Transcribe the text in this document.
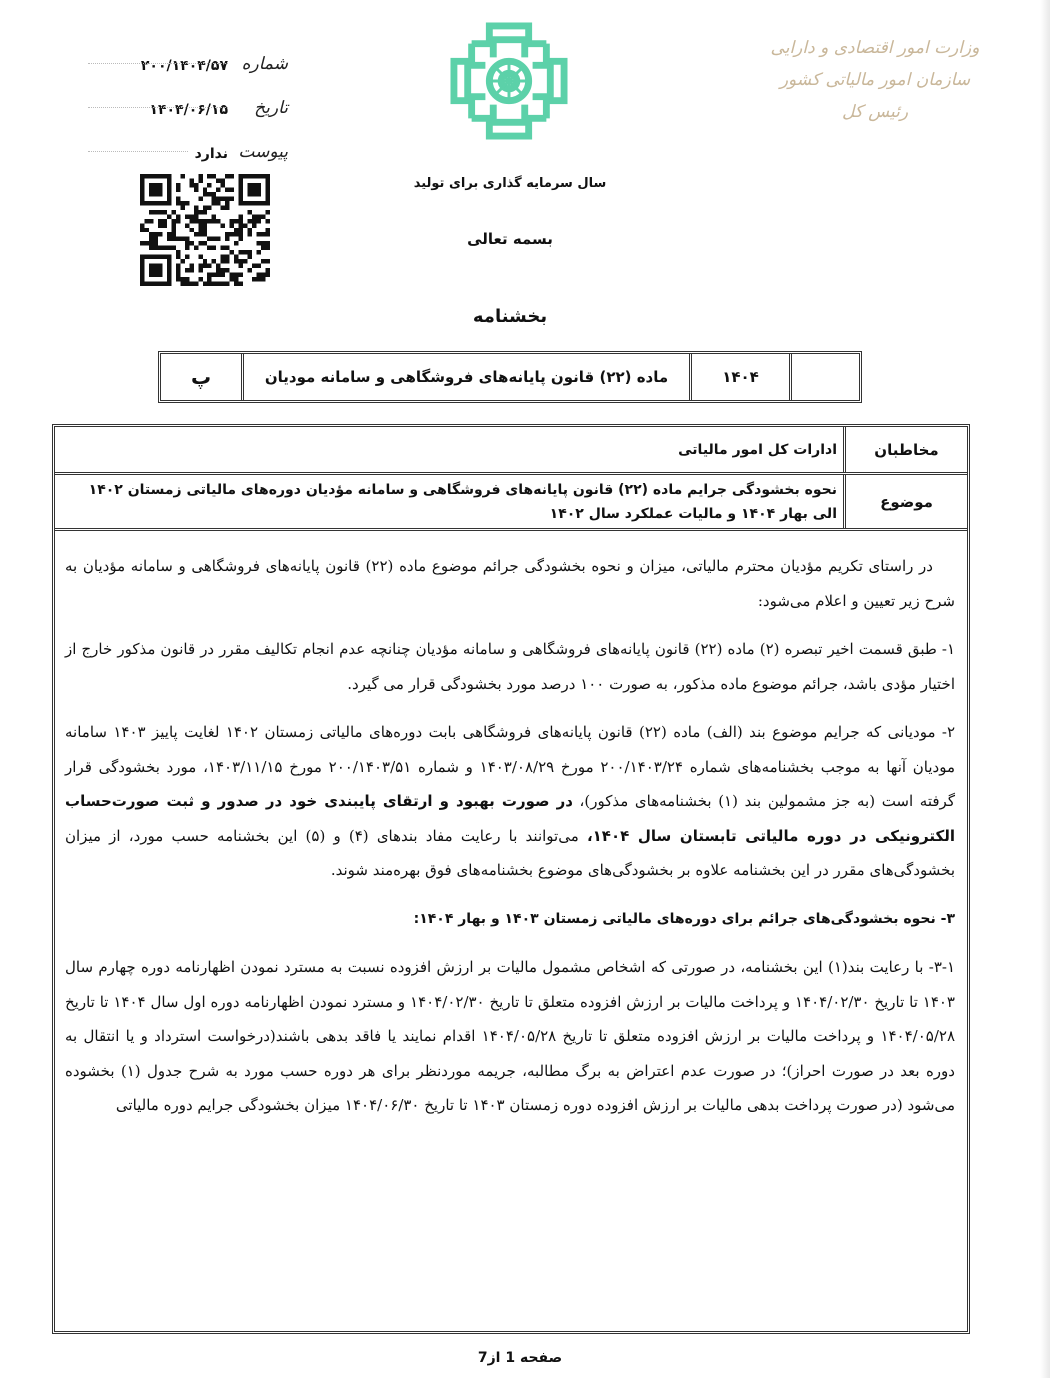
شماره
۲۰۰/۱۴۰۴/۵۷
تاریخ
۱۴۰۴/۰۶/۱۵
پیوست
ندارد
وزارت امور اقتصادی و دارایی
سازمان امور مالیاتی کشور
رئیس کل
سال سرمایه گذاری برای تولید
بسمه تعالی
بخشنامه
۱۴۰۴
ماده (۲۲) قانون پایانه‌های فروشگاهی و سامانه مودیان
پ
مخاطبان
ادارات کل امور مالیاتی
موضوع
نحوه بخشودگی جرایم ماده (۲۲) قانون پایانه‌های فروشگاهی و سامانه مؤدیان دوره‌های مالیاتی زمستان ۱۴۰۲ الی بهار ۱۴۰۴ و مالیات عملکرد سال ۱۴۰۲

در راستای تکریم مؤدیان محترم مالیاتی، میزان و نحوه بخشودگی جرائم موضوع ماده (۲۲) قانون پایانه‌های فروشگاهی و سامانه مؤدیان به شرح زیر تعیین و اعلام می‌شود:

۱- طبق قسمت اخیر تبصره (۲) ماده (۲۲) قانون پایانه‌های فروشگاهی و سامانه مؤدیان چنانچه عدم انجام تکالیف مقرر در قانون مذکور خارج از اختیار مؤدی باشد، جرائم موضوع ماده مذکور، به صورت ۱۰۰ درصد مورد بخشودگی قرار می گیرد.

۲- مودیانی که جرایم موضوع بند (الف) ماده (۲۲) قانون پایانه‌های فروشگاهی بابت دوره‌های مالیاتی زمستان ۱۴۰۲ لغایت پاییز ۱۴۰۳ سامانه مودیان آنها به موجب بخشنامه‌های شماره ۲۰۰/۱۴۰۳/۲۴ مورخ ۱۴۰۳/۰۸/۲۹ و شماره ۲۰۰/۱۴۰۳/۵۱ مورخ ۱۴۰۳/۱۱/۱۵، مورد بخشودگی قرار گرفته است (به جز مشمولین بند (۱) بخشنامه‌های مذکور)، در صورت بهبود و ارتقای پایبندی خود در صدور و ثبت صورت‌حساب الکترونیکی در دوره مالیاتی تابستان سال ۱۴۰۴، می‌توانند با رعایت مفاد بندهای (۴) و (۵) این بخشنامه حسب مورد، از میزان بخشودگی‌های مقرر در این بخشنامه علاوه بر بخشودگی‌های موضوع بخشنامه‌های فوق بهره‌مند شوند.

۳- نحوه بخشودگی‌های جرائم برای دوره‌های مالیاتی زمستان ۱۴۰۳ و بهار ۱۴۰۴:

۳-۱- با رعایت بند(۱) این بخشنامه، در صورتی که اشخاص مشمول مالیات بر ارزش افزوده نسبت به مسترد نمودن اظهارنامه دوره چهارم سال ۱۴۰۳ تا تاریخ ۱۴۰۴/۰۲/۳۰ و پرداخت مالیات بر ارزش افزوده متعلق تا تاریخ ۱۴۰۴/۰۲/۳۰ و مسترد نمودن اظهارنامه دوره اول سال ۱۴۰۴ تا تاریخ ۱۴۰۴/۰۵/۲۸ و پرداخت مالیات بر ارزش افزوده متعلق تا تاریخ ۱۴۰۴/۰۵/۲۸ اقدام نمایند یا فاقد بدهی باشند(درخواست استرداد و یا انتقال به دوره بعد در صورت احراز)؛ در صورت عدم اعتراض به برگ مطالبه، جریمه موردنظر برای هر دوره حسب مورد به شرح جدول (۱) بخشوده می‌شود (در صورت پرداخت بدهی مالیات بر ارزش افزوده دوره زمستان ۱۴۰۳ تا تاریخ ۱۴۰۴/۰۶/۳۰ میزان بخشودگی جرایم دوره مالیاتی

صفحه 1 از7
